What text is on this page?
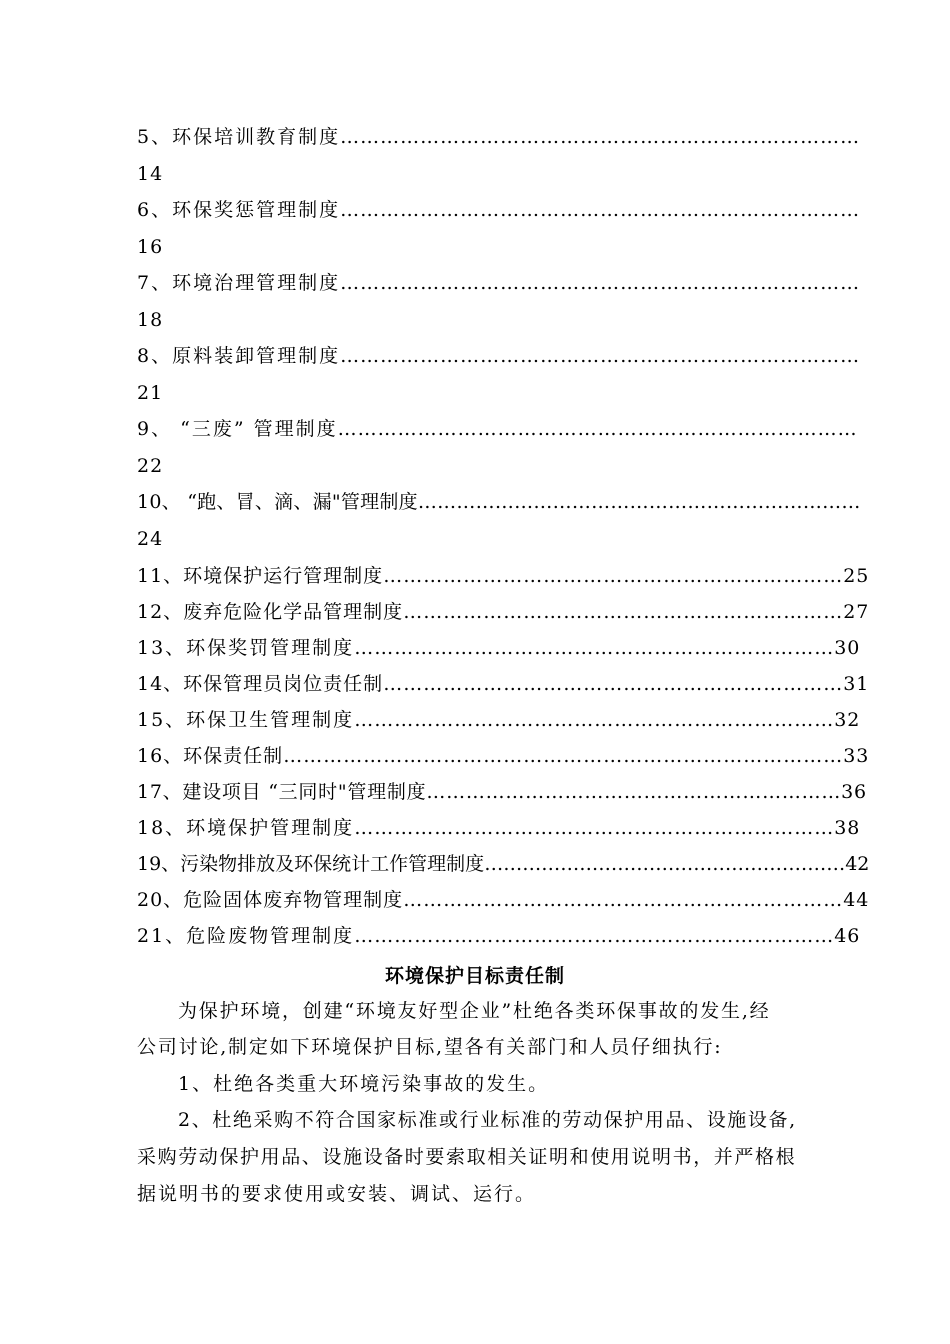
5、环保培训教育制度……………………………………………………………………
14
6、环保奖惩管理制度……………………………………………………………………
16
7、环境治理管理制度……………………………………………………………………
18
8、原料装卸管理制度……………………………………………………………………
21
9、 “三废” 管理制度……………………………………………………………………
22
10、 “跑、冒、滴、漏"管理制度……………………………………………………………
24
11、环境保护运行管理制度……………………………………………………………25
12、废弃危险化学品管理制度…………………………………………………………27
13、环保奖罚管理制度………………………………………………………………30
14、环保管理员岗位责任制……………………………………………………………31
15、环保卫生管理制度………………………………………………………………32
16、环保责任制…………………………………………………………………………33
17、建设项目 “三同时"管理制度………………………………………………………36
18、环境保护管理制度………………………………………………………………38
19、污染物排放及环保统计工作管理制度…………………………………………………42
20、危险固体废弃物管理制度…………………………………………………………44
21、危险废物管理制度………………………………………………………………46
环境保护目标责任制
为保护环境，创建“环境友好型企业”杜绝各类环保事故的发生,经
公司讨论,制定如下环境保护目标,望各有关部门和人员仔细执行:
1、杜绝各类重大环境污染事故的发生。
2、杜绝采购不符合国家标准或行业标准的劳动保护用品、设施设备,
采购劳动保护用品、设施设备时要索取相关证明和使用说明书，并严格根
据说明书的要求使用或安装、调试、运行。
